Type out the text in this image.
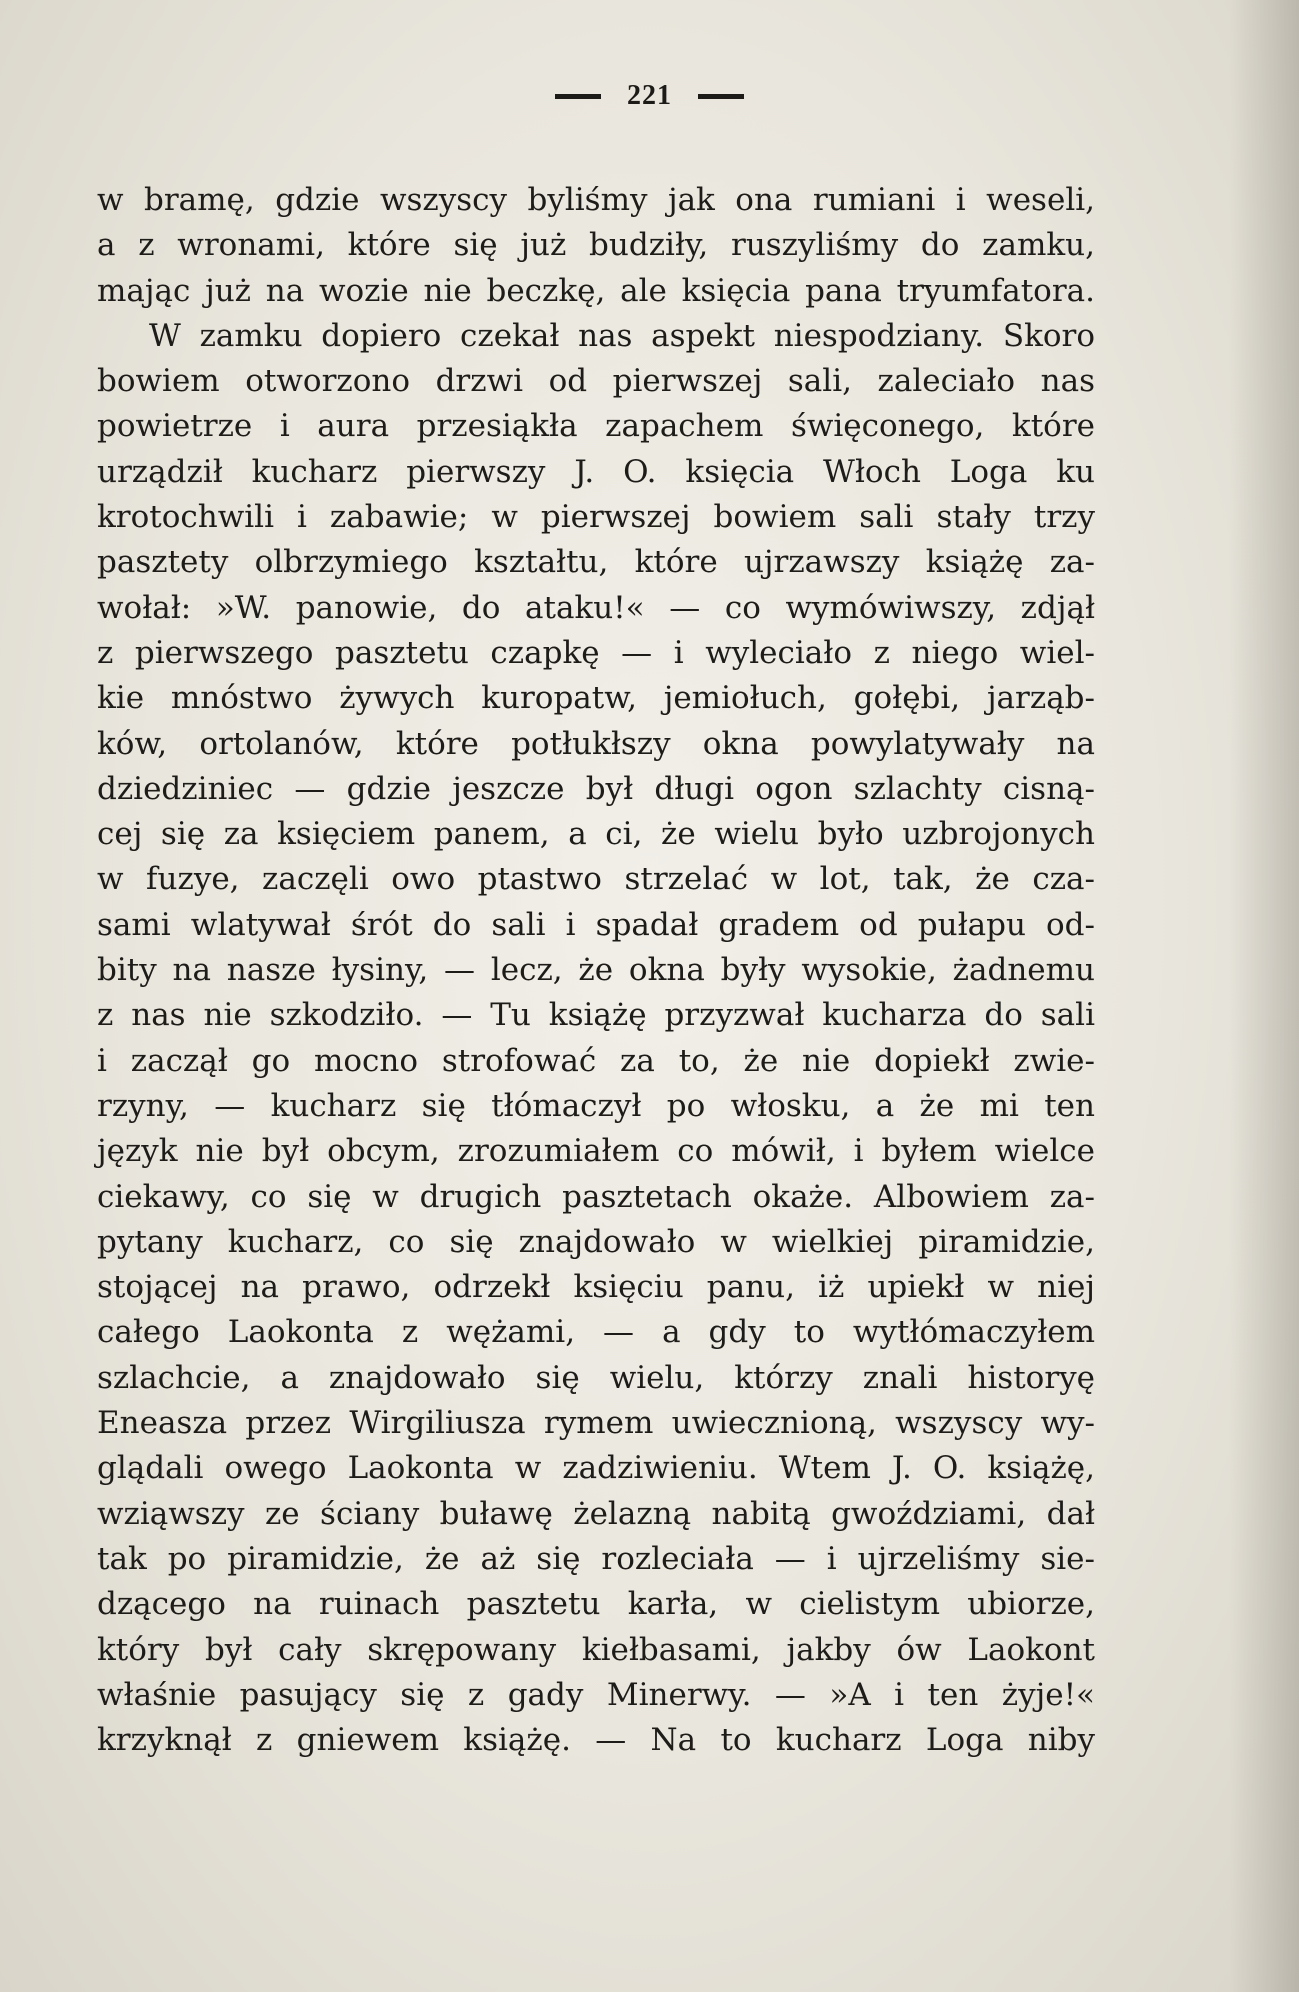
221
w bramę, gdzie wszyscy byliśmy jak ona rumiani i weseli,
a z wronami, które się już budziły, ruszyliśmy do zamku,
mając już na wozie nie beczkę, ale księcia pana tryumfatora.
W zamku dopiero czekał nas aspekt niespodziany. Skoro
bowiem otworzono drzwi od pierwszej sali, zaleciało nas
powietrze i aura przesiąkła zapachem święconego, które
urządził kucharz pierwszy J. O. księcia Włoch Loga ku
krotochwili i zabawie; w pierwszej bowiem sali stały trzy
pasztety olbrzymiego kształtu, które ujrzawszy książę za-
wołał: »W. panowie, do ataku!« — co wymówiwszy, zdjął
z pierwszego pasztetu czapkę — i wyleciało z niego wiel-
kie mnóstwo żywych kuropatw, jemiołuch, gołębi, jarząb-
ków, ortolanów, które potłukłszy okna powylatywały na
dziedziniec — gdzie jeszcze był długi ogon szlachty cisną-
cej się za księciem panem, a ci, że wielu było uzbrojonych
w fuzye, zaczęli owo ptastwo strzelać w lot, tak, że cza-
sami wlatywał śrót do sali i spadał gradem od pułapu od-
bity na nasze łysiny, — lecz, że okna były wysokie, żadnemu
z nas nie szkodziło. — Tu książę przyzwał kucharza do sali
i zaczął go mocno strofować za to, że nie dopiekł zwie-
rzyny, — kucharz się tłómaczył po włosku, a że mi ten
język nie był obcym, zrozumiałem co mówił, i byłem wielce
ciekawy, co się w drugich pasztetach okaże. Albowiem za-
pytany kucharz, co się znajdowało w wielkiej piramidzie,
stojącej na prawo, odrzekł księciu panu, iż upiekł w niej
całego Laokonta z wężami, — a gdy to wytłómaczyłem
szlachcie, a znajdowało się wielu, którzy znali historyę
Eneasza przez Wirgiliusza rymem uwiecznioną, wszyscy wy-
glądali owego Laokonta w zadziwieniu. Wtem J. O. książę,
wziąwszy ze ściany buławę żelazną nabitą gwoździami, dał
tak po piramidzie, że aż się rozleciała — i ujrzeliśmy sie-
dzącego na ruinach pasztetu karła, w cielistym ubiorze,
który był cały skrępowany kiełbasami, jakby ów Laokont
właśnie pasujący się z gady Minerwy. — »A i ten żyje!«
krzyknął z gniewem książę. — Na to kucharz Loga niby
